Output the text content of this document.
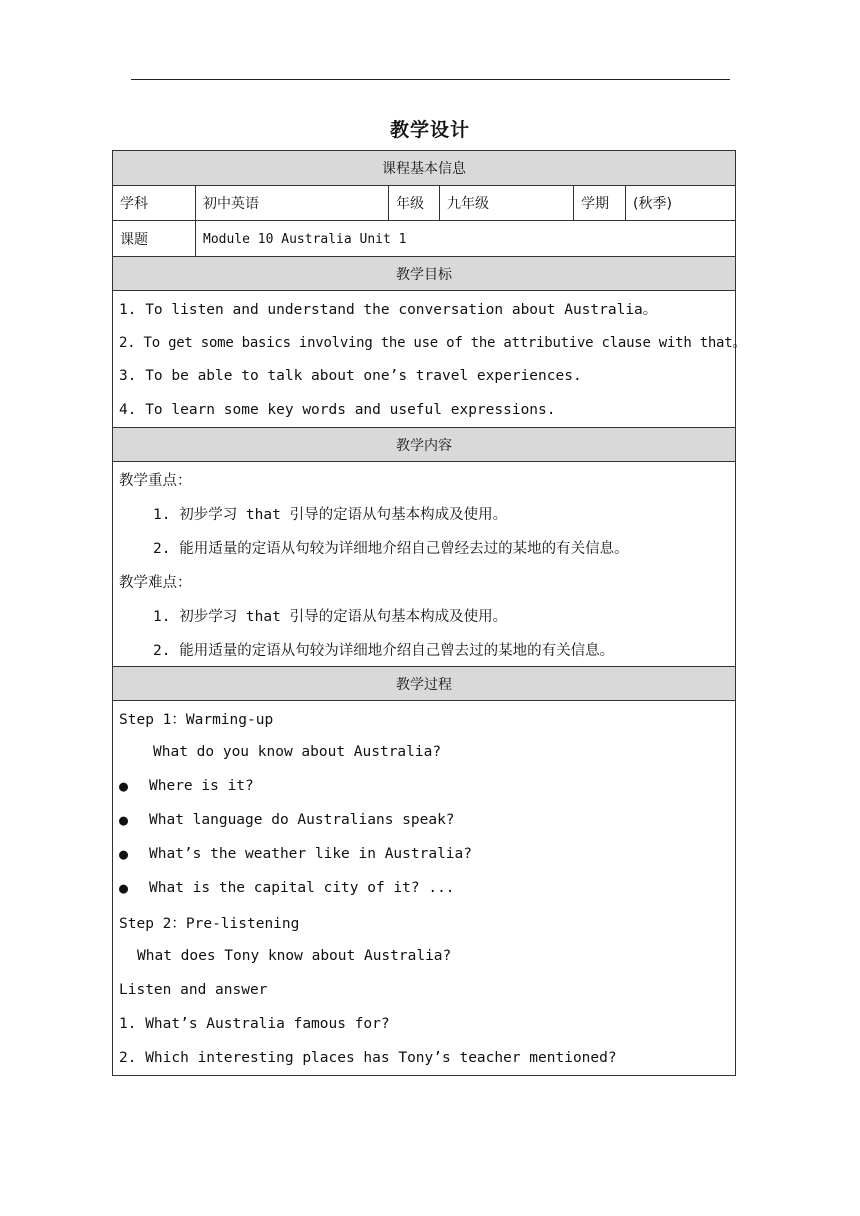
教学设计
课程基本信息
学科	初中英语	年级	九年级	学期	(秋季)
课题	Module 10 Australia Unit 1
教学目标
1. To listen and understand the conversation about Australia。
2. To get some basics involving the use of the attributive clause with that。
3. To be able to talk about one’s travel experiences.
4. To learn some key words and useful expressions.
教学内容
教学重点：
1. 初步学习 that 引导的定语从句基本构成及使用。
2. 能用适量的定语从句较为详细地介绍自己曾经去过的某地的有关信息。
教学难点：
1. 初步学习 that 引导的定语从句基本构成及使用。
2. 能用适量的定语从句较为详细地介绍自己曾去过的某地的有关信息。
教学过程
Step 1：Warming-up
What do you know about Australia?
●	Where is it?
●	What language do Australians speak?
●	What’s the weather like in Australia?
●	What is the capital city of it? ...
Step 2：Pre-listening
What does Tony know about Australia?
Listen and answer
1. What’s Australia famous for?
2. Which interesting places has Tony’s teacher mentioned?
